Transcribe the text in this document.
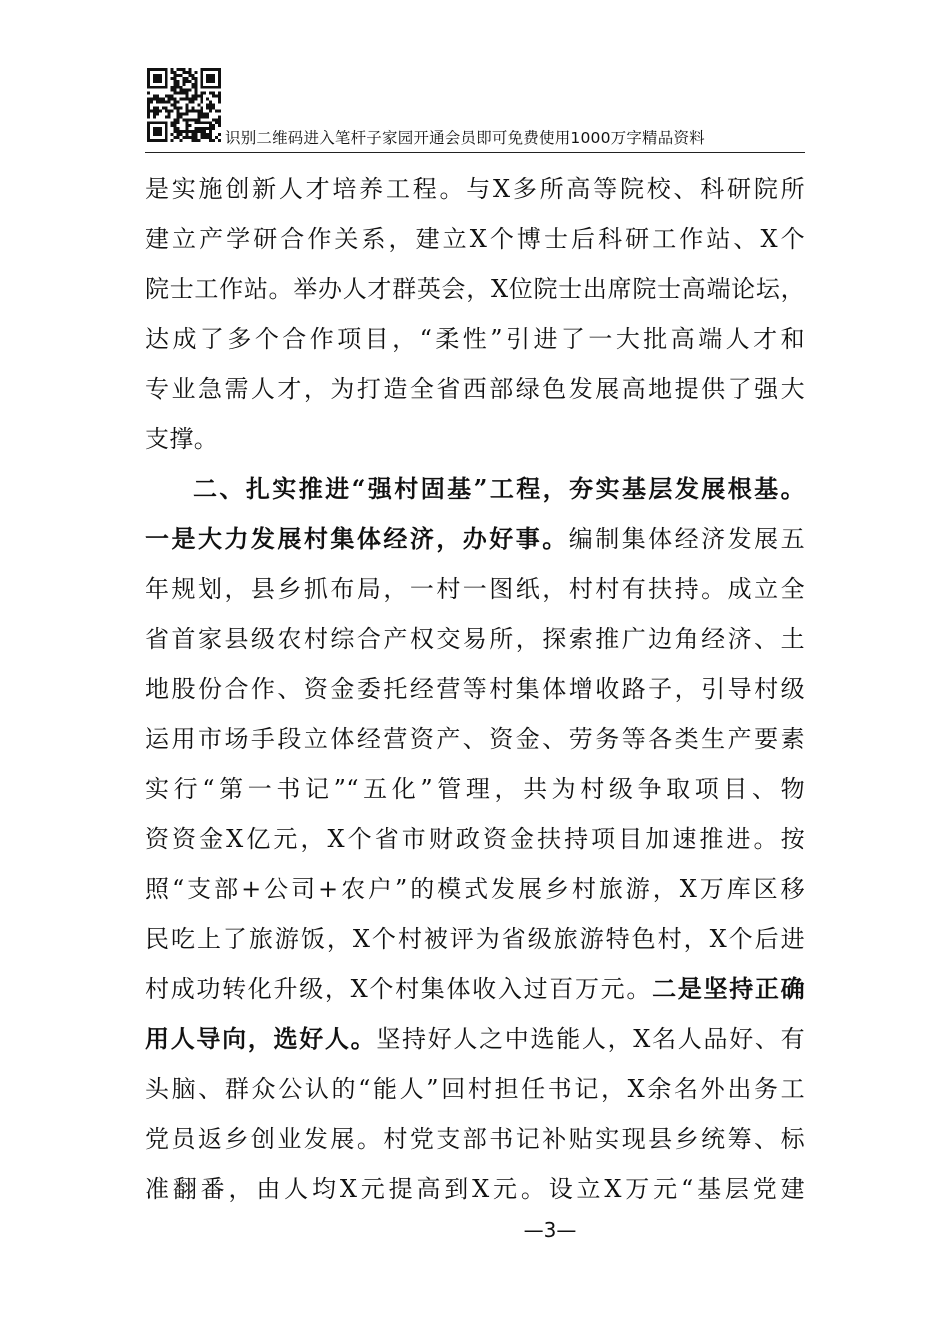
识别二维码进入笔杆子家园开通会员即可免费使用1000万字精品资料
是实施创新人才培养工程。与X多所高等院校、科研院所
建立产学研合作关系，建立X个博士后科研工作站、X个
院士工作站。举办人才群英会，X位院士出席院士高端论坛，
达成了多个合作项目，“柔性”引进了一大批高端人才和
专业急需人才，为打造全省西部绿色发展高地提供了强大
支撑。
二、扎实推进“强村固基”工程，夯实基层发展根基。
一是大力发展村集体经济，办好事。编制集体经济发展五
年规划，县乡抓布局，一村一图纸，村村有扶持。成立全
省首家县级农村综合产权交易所，探索推广边角经济、土
地股份合作、资金委托经营等村集体增收路子，引导村级
运用市场手段立体经营资产、资金、劳务等各类生产要素
实行“第一书记”“五化”管理，共为村级争取项目、物
资资金X亿元，X个省市财政资金扶持项目加速推进。按
照“支部+公司+农户”的模式发展乡村旅游，X万库区移
民吃上了旅游饭，X个村被评为省级旅游特色村，X个后进
村成功转化升级，X个村集体收入过百万元。二是坚持正确
用人导向，选好人。坚持好人之中选能人，X名人品好、有
头脑、群众公认的“能人”回村担任书记，X余名外出务工
党员返乡创业发展。村党支部书记补贴实现县乡统筹、标
准翻番，由人均X元提高到X元。设立X万元“基层党建
—3—
